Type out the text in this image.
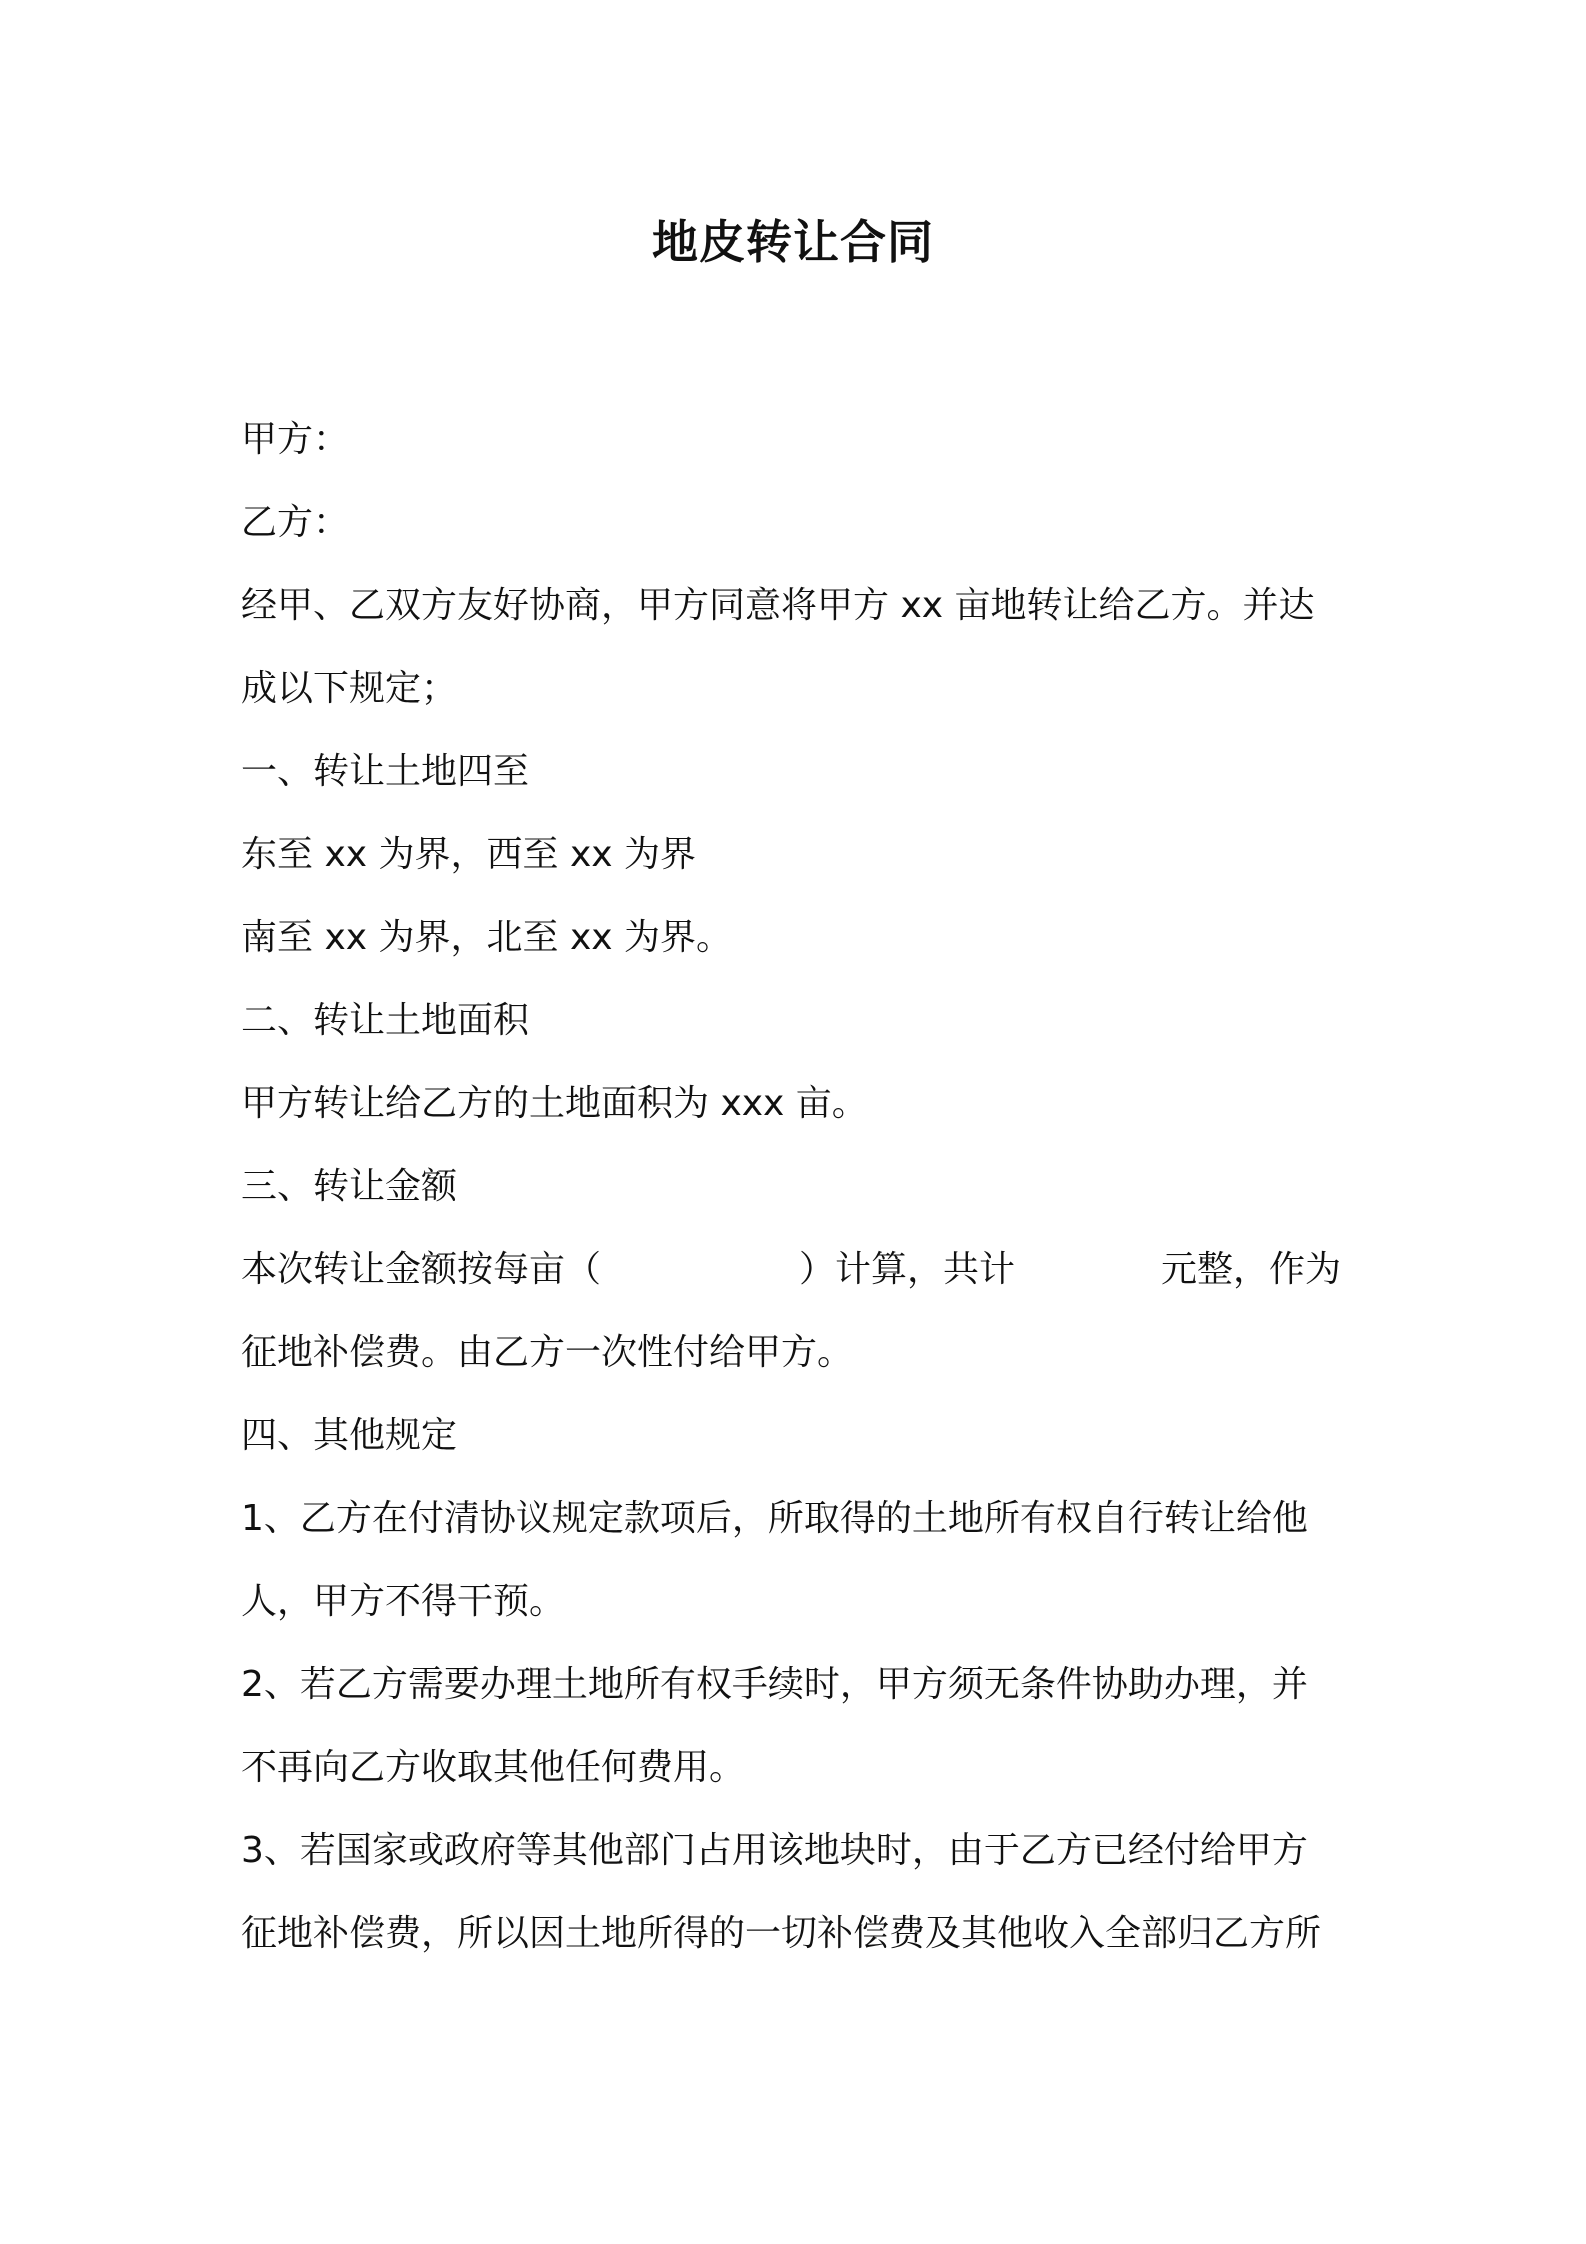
地皮转让合同
甲方：
乙方：
经甲、乙双方友好协商，甲方同意将甲方 xx 亩地转让给乙方。并达
成以下规定；
一、转让土地四至
东至 xx 为界，西至 xx 为界
南至 xx 为界，北至 xx 为界。
二、转让土地面积
甲方转让给乙方的土地面积为 xxx 亩。
三、转让金额

本次转让金额按每亩（

	）计算，共计

	元整，作为

征地补偿费。由乙方一次性付给甲方。
四、其他规定
1、乙方在付清协议规定款项后，所取得的土地所有权自行转让给他
人，甲方不得干预。
2、若乙方需要办理土地所有权手续时，甲方须无条件协助办理，并
不再向乙方收取其他任何费用。
3、若国家或政府等其他部门占用该地块时，由于乙方已经付给甲方
征地补偿费，所以因土地所得的一切补偿费及其他收入全部归乙方所
